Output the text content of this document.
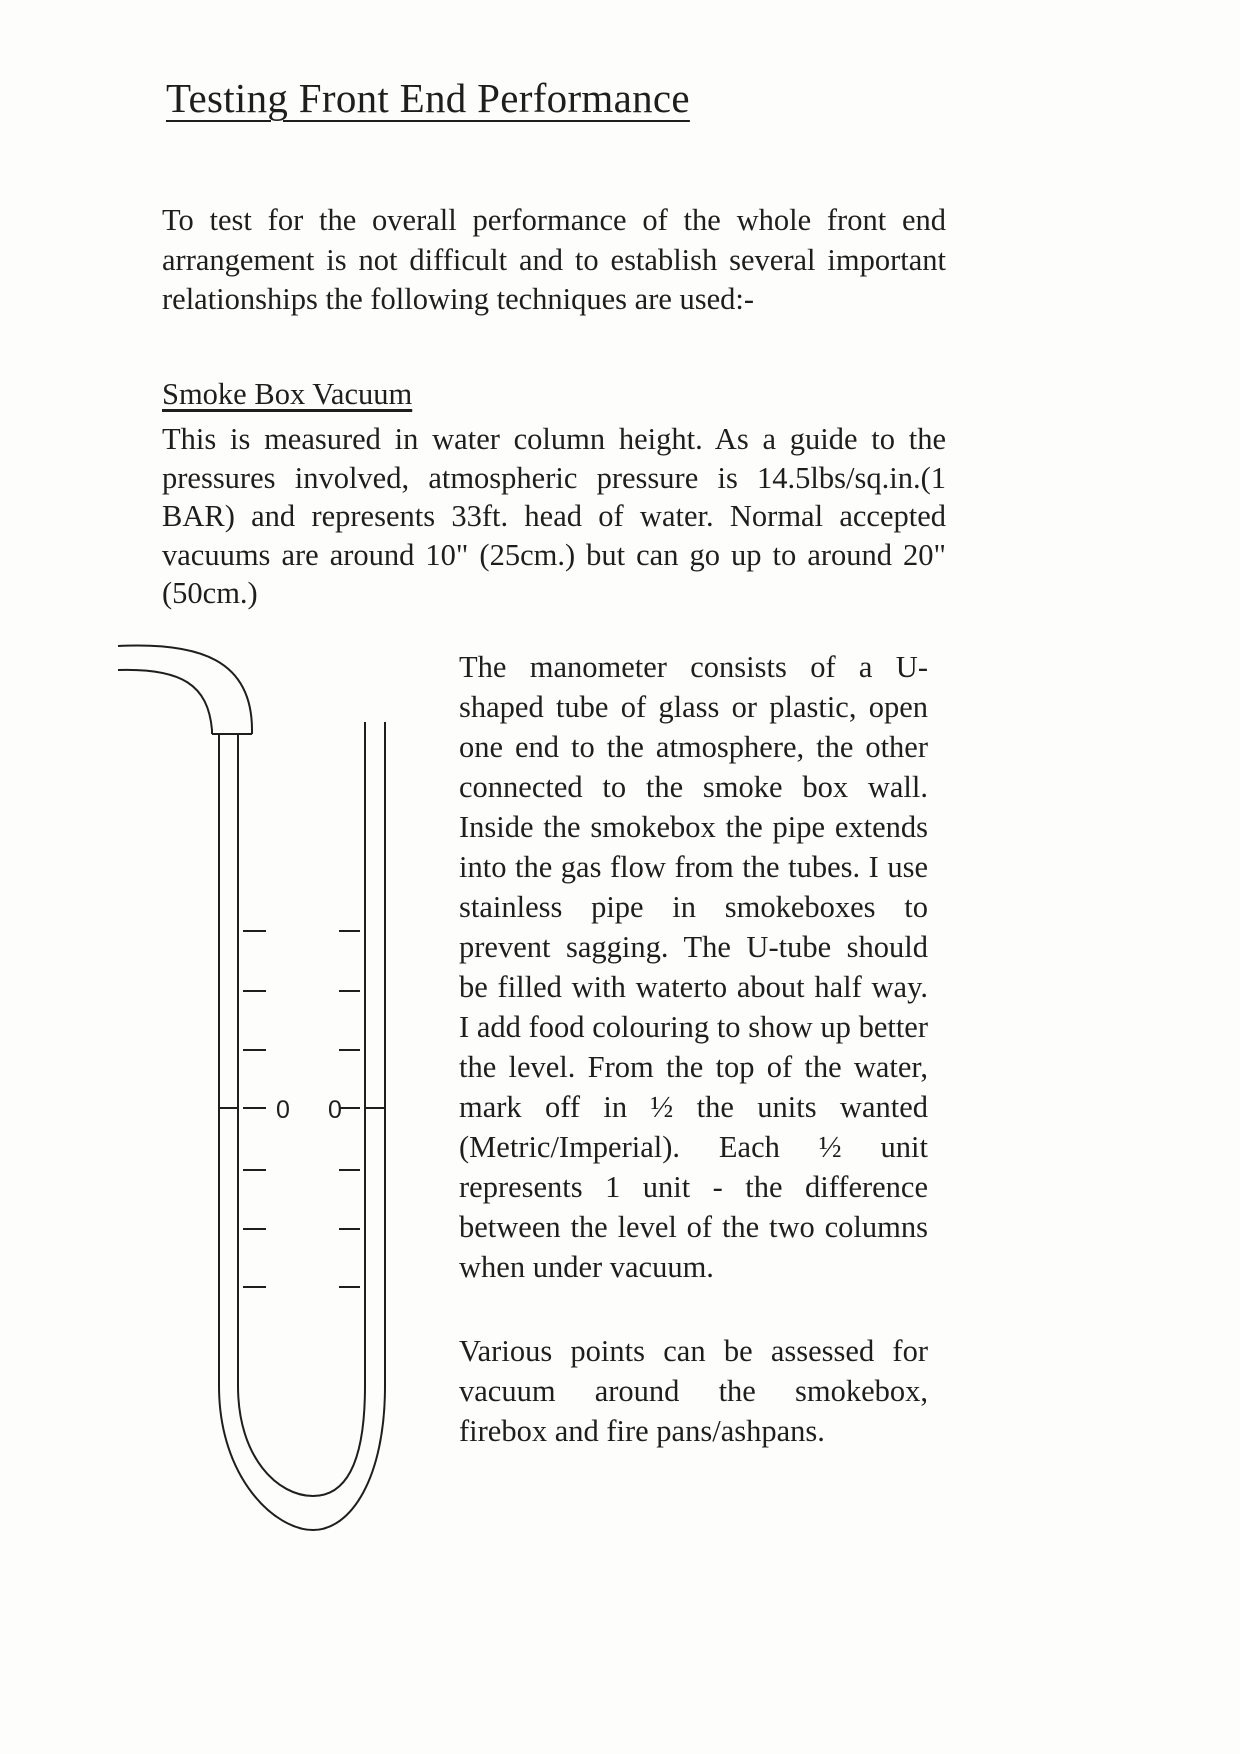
Testing Front End Performance

To test for the overall performance of the whole front end arrangement is not difficult and to establish several important relationships the following techniques are used:-

Smoke Box Vacuum

This is measured in water column height. As a guide to the pressures involved, atmospheric pressure is 14.5lbs/sq.in.(1 BAR) and represents 33ft. head of water. Normal accepted vacuums are around 10" (25cm.) but can go up to around 20"(50cm.)

The manometer consists of a U-shaped tube of glass or plastic, open one end to the atmosphere, the other connected to the smoke box wall. Inside the smokebox the pipe extends into the gas flow from the tubes. I use stainless pipe in smokeboxes to prevent sagging. The U-tube should be filled with waterto about half way. I add food colouring to show up better the level. From the top of the water, mark off in ½ the units wanted (Metric/Imperial). Each ½ unit represents 1 unit - the difference between the level of the two columns when under vacuum.

Various points can be assessed for vacuum around the smokebox, firebox and fire pans/ashpans.

0 0
